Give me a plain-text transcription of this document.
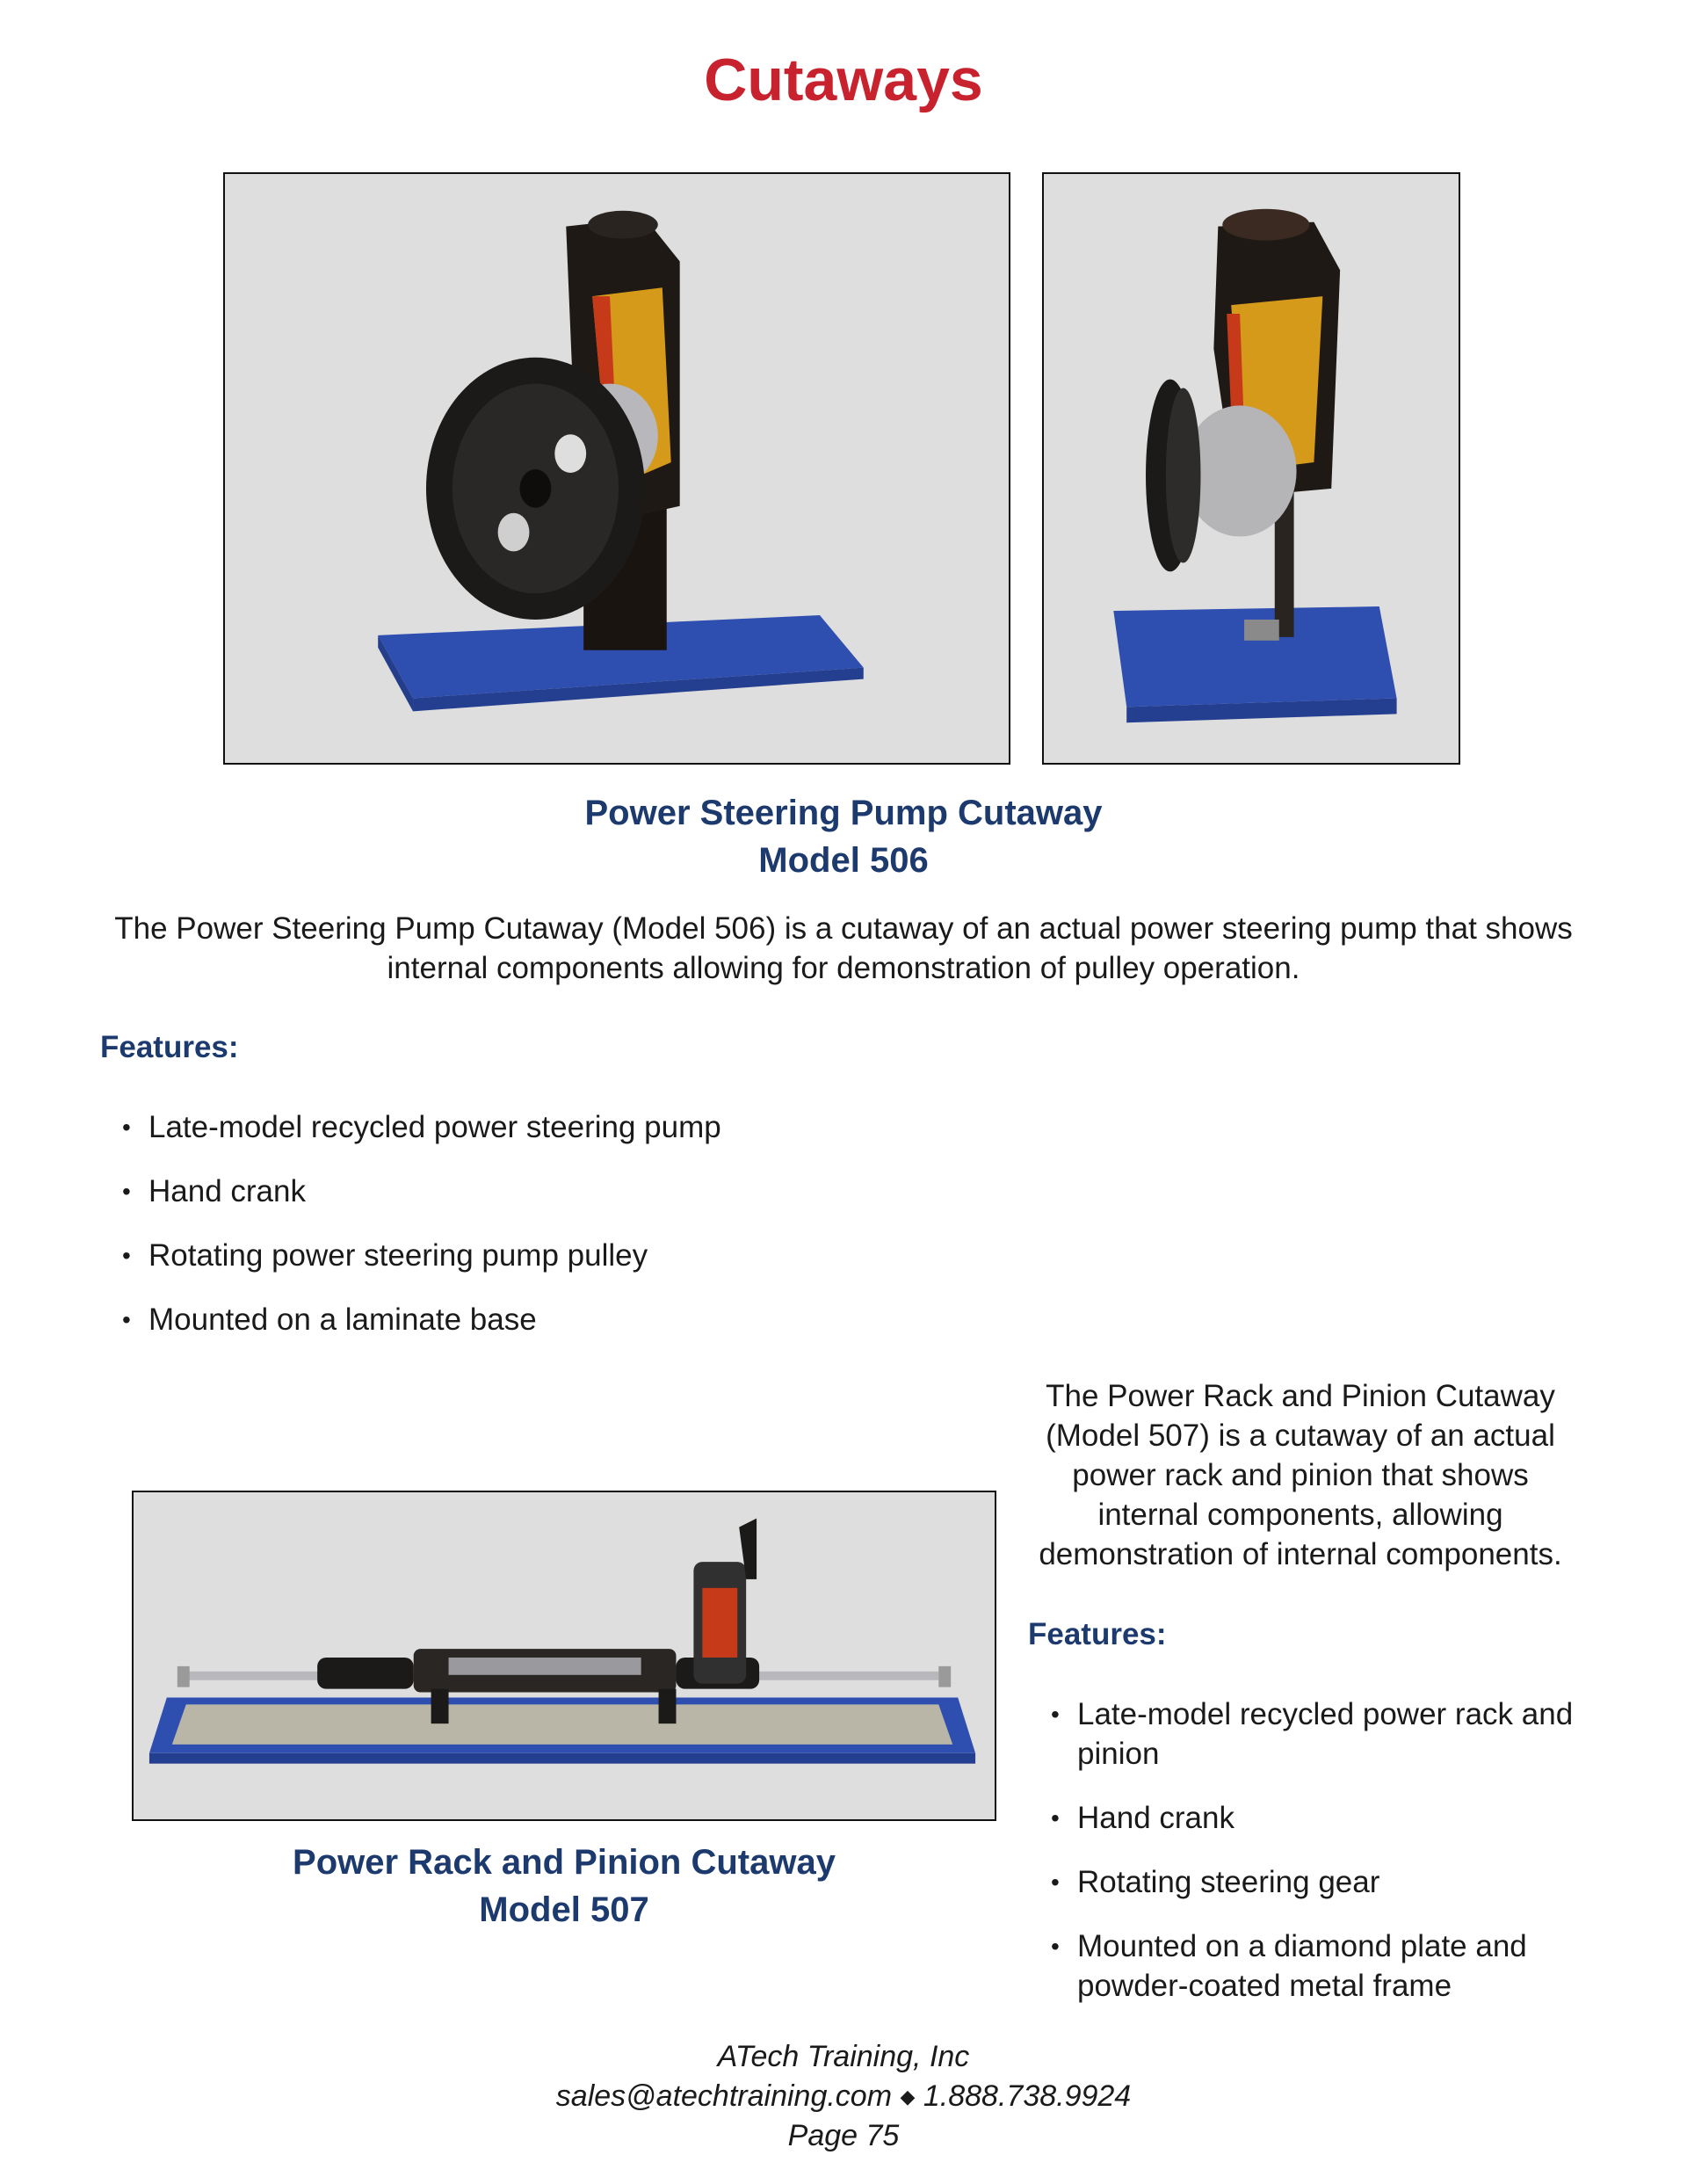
Cutaways
Power Steering Pump Cutaway
Model 506
The Power Steering Pump Cutaway (Model 506) is a cutaway of an actual power steering pump that shows
internal components allowing for demonstration of pulley operation.
Features:
• Late-model recycled power steering pump
• Hand crank
• Rotating power steering pump pulley
• Mounted on a laminate base
The Power Rack and Pinion Cutaway
(Model 507) is a cutaway of an actual
power rack and pinion that shows
internal components, allowing
demonstration of internal components.
Features:
• Late-model recycled power rack and
pinion
• Hand crank
• Rotating steering gear
• Mounted on a diamond plate and
powder-coated metal frame
Power Rack and Pinion Cutaway
Model 507
ATech Training, Inc
sales@atechtraining.com ◆ 1.888.738.9924
Page 75
